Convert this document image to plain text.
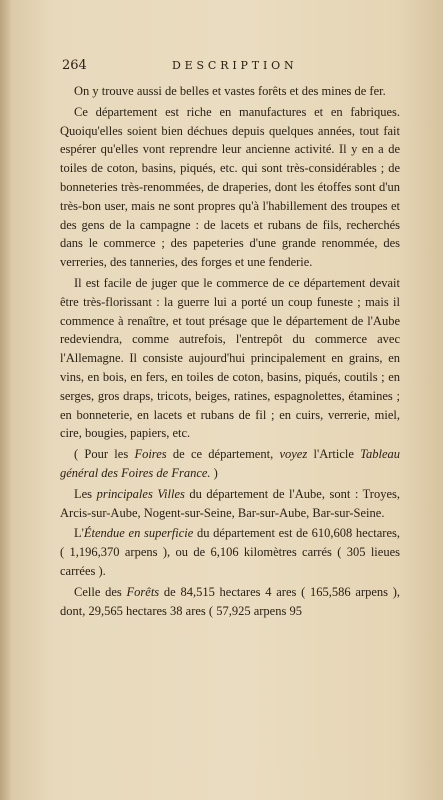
264	DESCRIPTION

On y trouve aussi de belles et vastes forêts et des mines de fer.

Ce département est riche en manufactures et en fabriques. Quoiqu'elles soient bien déchues depuis quelques années, tout fait espérer qu'elles vont reprendre leur ancienne activité. Il y en a de toiles de coton, basins, piqués, etc. qui sont très-considérables ; de bonneteries très-renommées, de draperies, dont les étoffes sont d'un très-bon user, mais ne sont propres qu'à l'habillement des troupes et des gens de la campagne : de lacets et rubans de fils, recherchés dans le commerce ; des papeteries d'une grande renommée, des verreries, des tanneries, des forges et une fenderie.

Il est facile de juger que le commerce de ce département devait être très-florissant : la guerre lui a porté un coup funeste ; mais il commence à renaître, et tout présage que le département de l'Aube redeviendra, comme autrefois, l'entrepôt du commerce avec l'Allemagne. Il consiste aujourd'hui principalement en grains, en vins, en bois, en fers, en toiles de coton, basins, piqués, coutils ; en serges, gros draps, tricots, beiges, ratines, espagnolettes, étamines ; en bonneterie, en lacets et rubans de fil ; en cuirs, verrerie, miel, cire, bougies, papiers, etc.

( Pour les Foires de ce département, voyez l'Article Tableau général des Foires de France. )

Les principales Villes du département de l'Aube, sont : Troyes, Arcis-sur-Aube, Nogent-sur-Seine, Bar-sur-Aube, Bar-sur-Seine.

L'Étendue en superficie du département est de 610,608 hectares, ( 1,196,370 arpens ), ou de 6,106 kilomètres carrés ( 305 lieues carrées ).

Celle des Forêts de 84,515 hectares 4 ares ( 165,586 arpens ), dont, 29,565 hectares 38 ares ( 57,925 arpens 95
